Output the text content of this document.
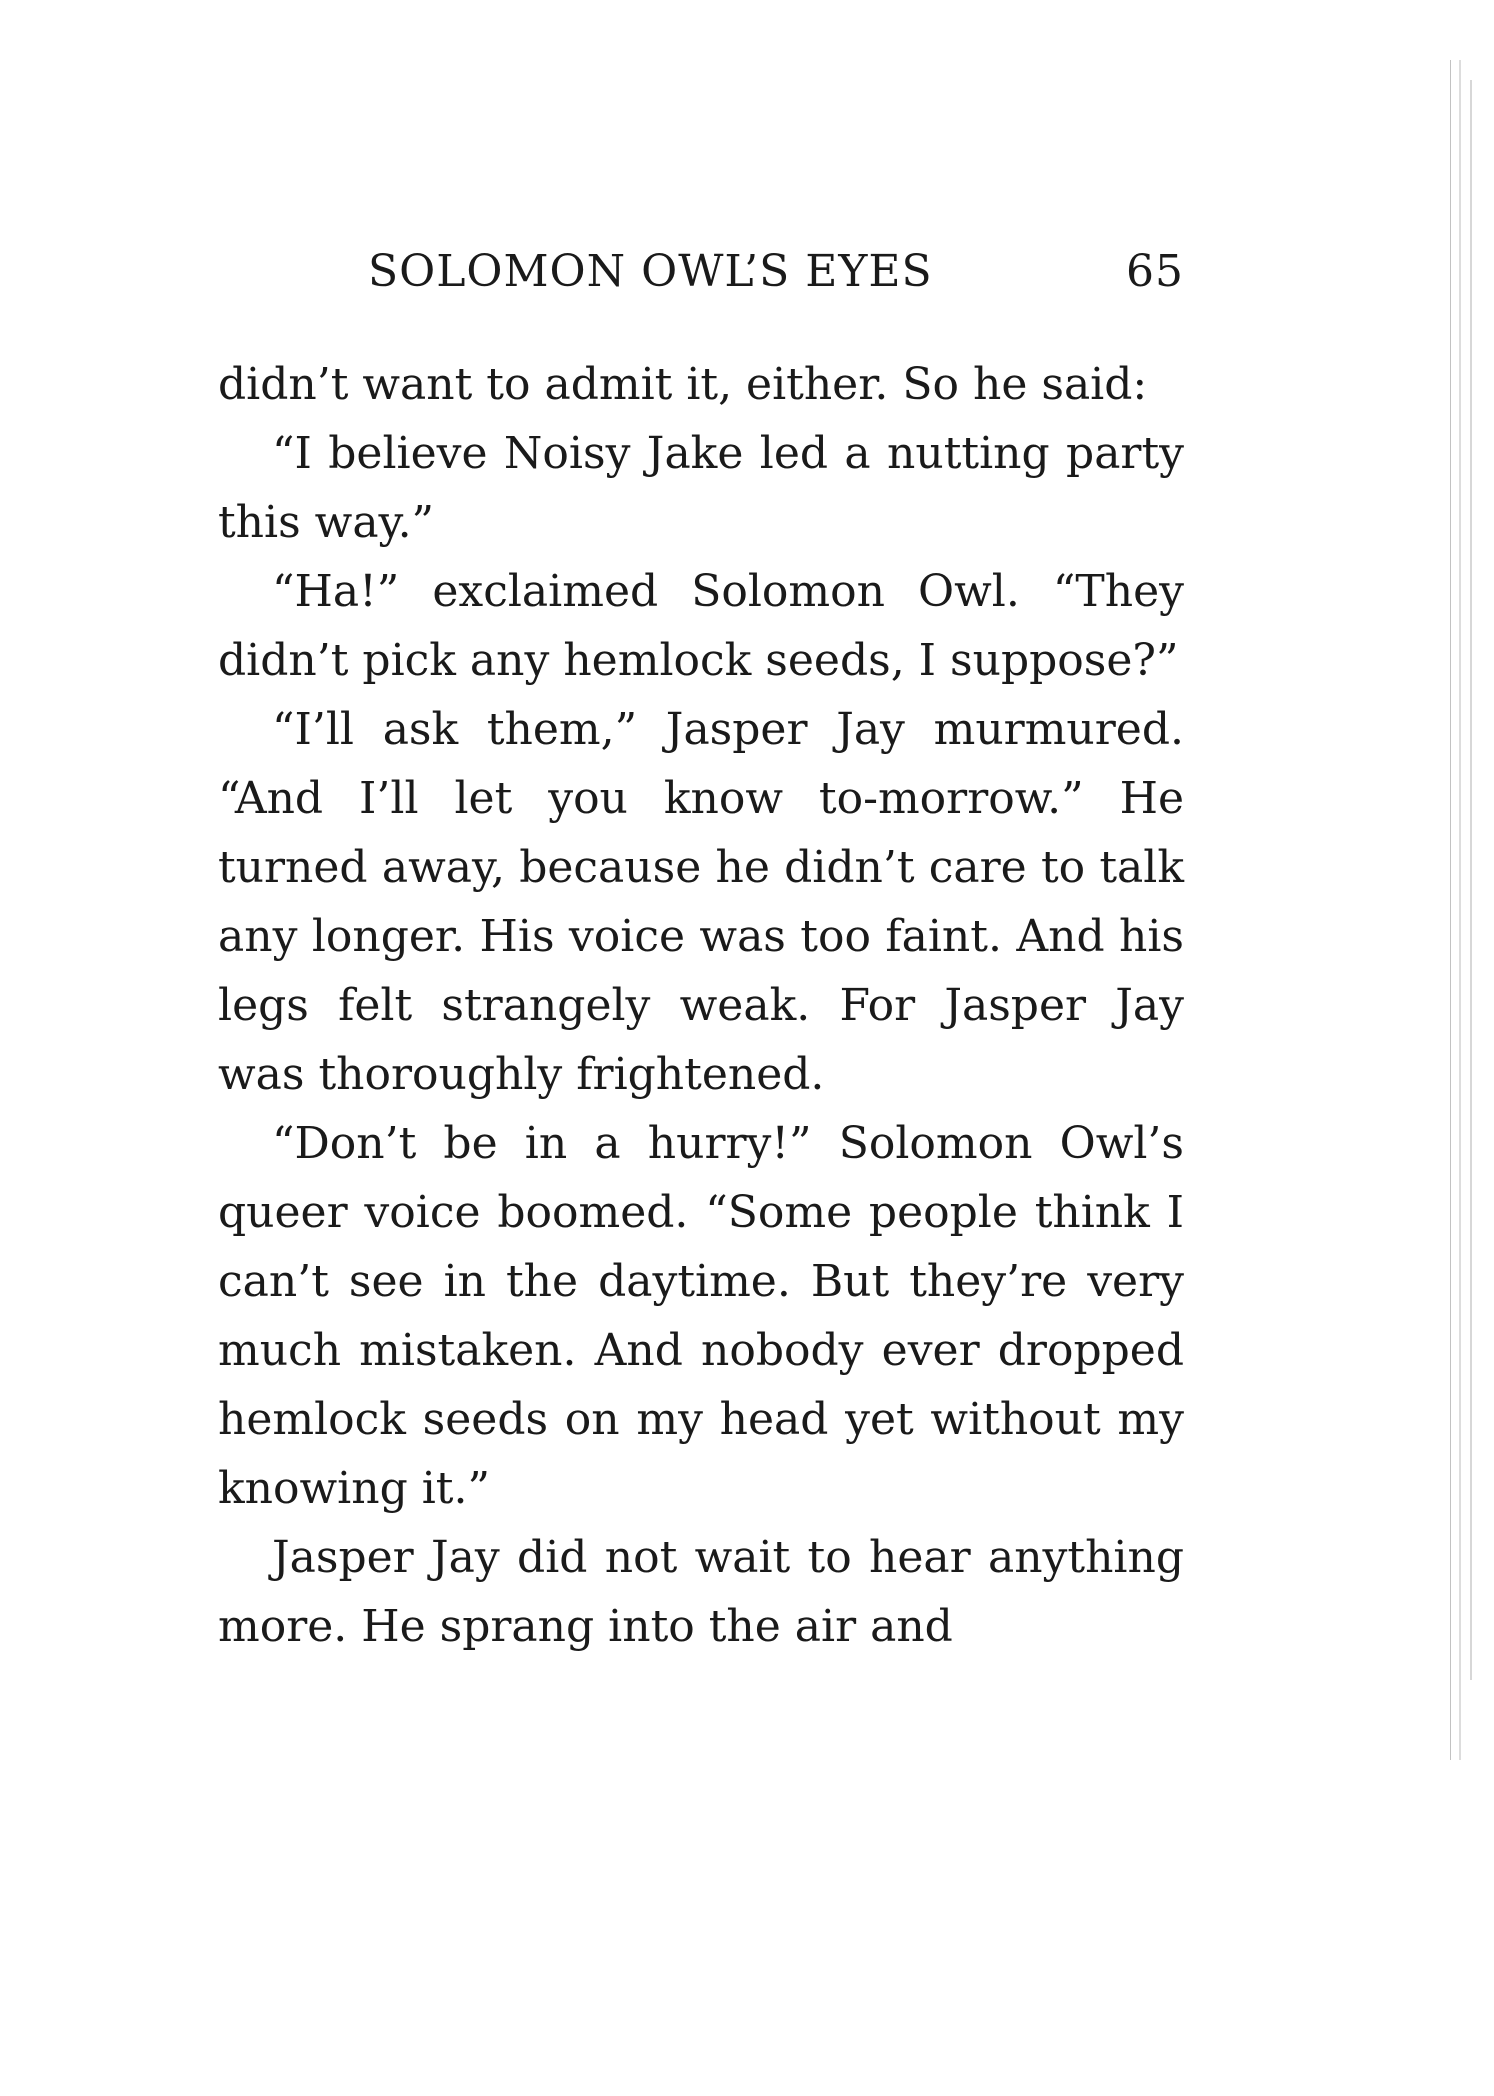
SOLOMON OWL’S EYES	65

didn’t want to admit it, either. So he said:

“I believe Noisy Jake led a nutting party this way.”

“Ha!” exclaimed Solomon Owl. “They didn’t pick any hemlock seeds, I suppose?”

“I’ll ask them,” Jasper Jay murmured. “And I’ll let you know to-morrow.” He turned away, because he didn’t care to talk any longer. His voice was too faint. And his legs felt strangely weak. For Jasper Jay was thoroughly frightened.

“Don’t be in a hurry!” Solomon Owl’s queer voice boomed. “Some people think I can’t see in the daytime. But they’re very much mistaken. And nobody ever dropped hemlock seeds on my head yet without my knowing it.”

Jasper Jay did not wait to hear anything more. He sprang into the air and
